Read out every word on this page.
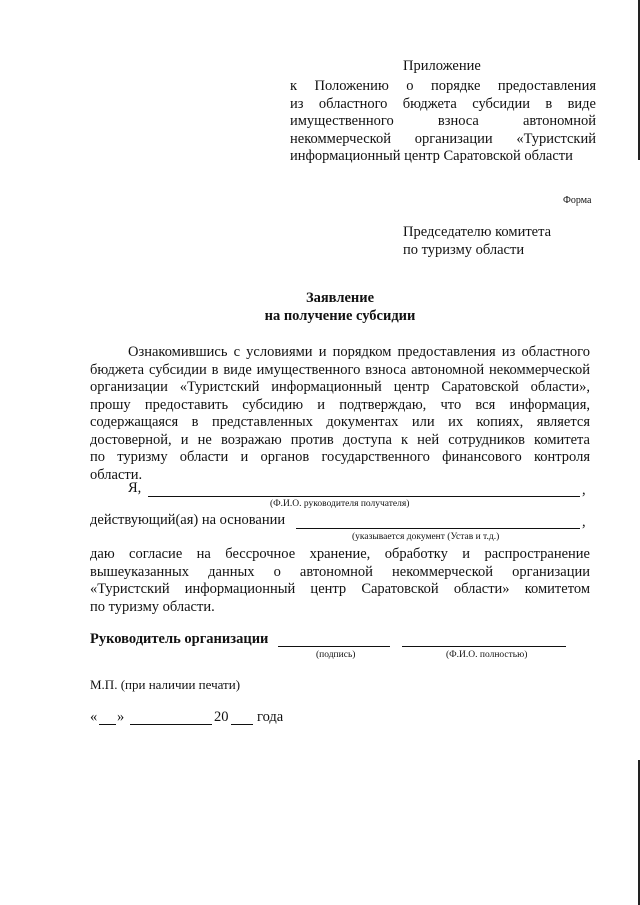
Приложение
к Положению о порядке предоставления
из областного бюджета субсидии в виде
имущественного взноса автономной
некоммерческой организации «Туристский
информационный центр Саратовской области
Форма
Председателю комитета
по туризму области
Заявление
на получение субсидии
Ознакомившись с условиями и порядком предоставления из областного
бюджета субсидии в виде имущественного взноса автономной некоммерческой
организации «Туристский информационный центр Саратовской области»,
прошу предоставить субсидию и подтверждаю, что вся информация,
содержащаяся в представленных документах или их копиях, является
достоверной, и не возражаю против доступа к ней сотрудников комитета
по туризму области и органов государственного финансового контроля
области.
Я,	,
(Ф.И.О. руководителя получателя)
действующий(ая) на основании	,
(указывается документ (Устав и т.д.)
даю согласие на бессрочное хранение, обработку и распространение
вышеуказанных данных о автономной некоммерческой организации
«Туристский информационный центр Саратовской области» комитетом
по туризму области.
Руководитель организации
(подпись)	(Ф.И.О. полностью)
М.П. (при наличии печати)
« »	20 года
